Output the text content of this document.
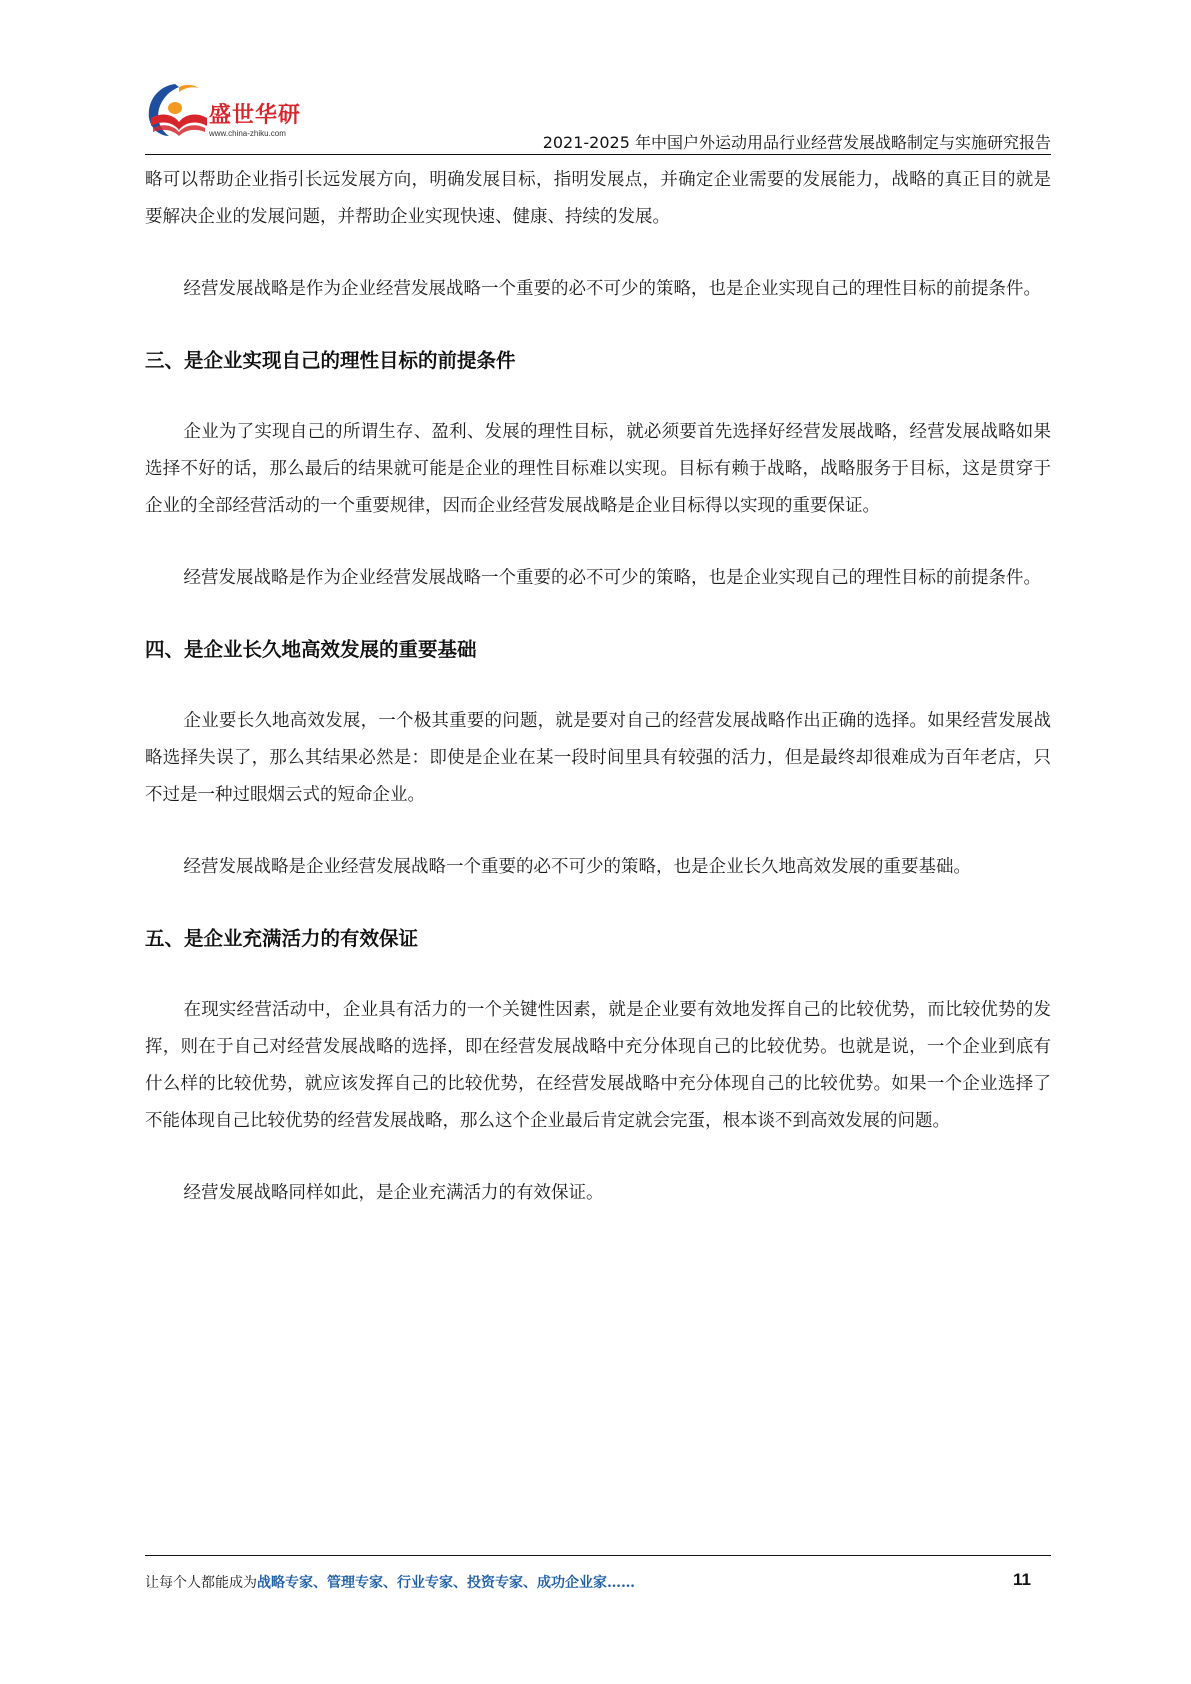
盛世华研
www.china-zhiku.com	2021-2025 年中国户外运动用品行业经营发展战略制定与实施研究报告

略可以帮助企业指引长远发展方向，明确发展目标，指明发展点，并确定企业需要的发展能力，战略的真正目的就是要解决企业的发展问题，并帮助企业实现快速、健康、持续的发展。

经营发展战略是作为企业经营发展战略一个重要的必不可少的策略，也是企业实现自己的理性目标的前提条件。

三、是企业实现自己的理性目标的前提条件

企业为了实现自己的所谓生存、盈利、发展的理性目标，就必须要首先选择好经营发展战略，经营发展战略如果选择不好的话，那么最后的结果就可能是企业的理性目标难以实现。目标有赖于战略，战略服务于目标，这是贯穿于企业的全部经营活动的一个重要规律，因而企业经营发展战略是企业目标得以实现的重要保证。

经营发展战略是作为企业经营发展战略一个重要的必不可少的策略，也是企业实现自己的理性目标的前提条件。

四、是企业长久地高效发展的重要基础

企业要长久地高效发展，一个极其重要的问题，就是要对自己的经营发展战略作出正确的选择。如果经营发展战略选择失误了，那么其结果必然是：即使是企业在某一段时间里具有较强的活力，但是最终却很难成为百年老店，只不过是一种过眼烟云式的短命企业。

经营发展战略是企业经营发展战略一个重要的必不可少的策略，也是企业长久地高效发展的重要基础。

五、是企业充满活力的有效保证

在现实经营活动中，企业具有活力的一个关键性因素，就是企业要有效地发挥自己的比较优势，而比较优势的发挥，则在于自己对经营发展战略的选择，即在经营发展战略中充分体现自己的比较优势。也就是说，一个企业到底有什么样的比较优势，就应该发挥自己的比较优势，在经营发展战略中充分体现自己的比较优势。如果一个企业选择了不能体现自己比较优势的经营发展战略，那么这个企业最后肯定就会完蛋，根本谈不到高效发展的问题。

经营发展战略同样如此，是企业充满活力的有效保证。

让每个人都能成为战略专家、管理专家、行业专家、投资专家、成功企业家……	11
